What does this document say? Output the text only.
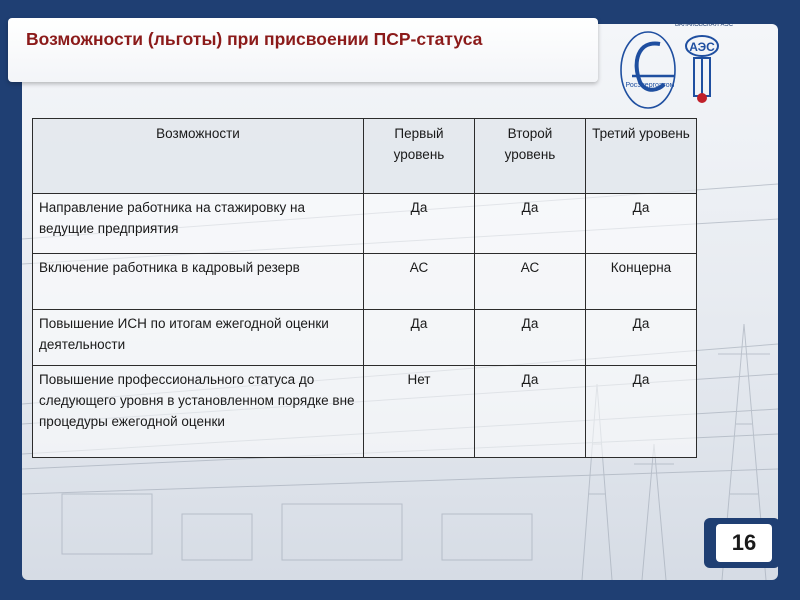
Возможности (льготы) при присвоении ПСР-статуса
Росэнергоатом
БАЛАКОВСКАЯ АЭС
АЭС
Возможности	Первый уровень	Второй уровень	Третий уровень
Направление работника на стажировку на ведущие предприятия	Да	Да	Да
Включение работника в кадровый резерв	АС	АС	Концерна
Повышение ИСН по итогам ежегодной оценки деятельности	Да	Да	Да
Повышение профессионального статуса до следующего уровня в установленном порядке вне процедуры ежегодной оценки	Нет	Да	Да
16
